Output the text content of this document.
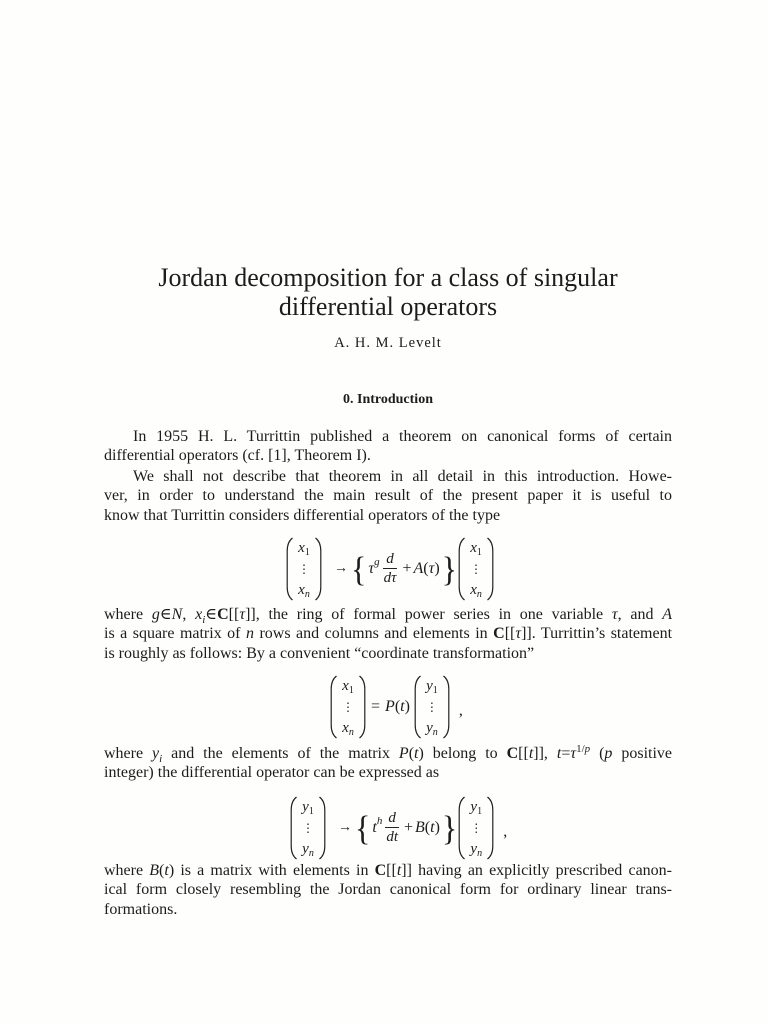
Jordan decomposition for a class of singular
differential operators
A. H. M. Levelt
0. Introduction
In 1955 H. L. Turrittin published a theorem on canonical forms of certain
differential operators (cf. [1], Theorem I).
We shall not describe that theorem in all detail in this introduction. Howe-
ver, in order to understand the main result of the present paper it is useful to
know that Turrittin considers differential operators of the type
$x_1$
⋮
$x_n$
→ { $\tau^g \frac{d}{d\tau} + A$ ( τ ) }
$x_1$
⋮
$x_n$
where g∈N, $x_i\in C[[\tau]]$, the ring of formal power series in one variable τ, and A
is a square matrix of n rows and columns and elements in C[[τ]]. Turrittin’s statement
is roughly as follows: By a convenient “coordinate transformation”
$x_1$
⋮
$x_n$
= P ( t )
$y_1$
⋮
$y_n$
,
where $y_i$ and the elements of the matrix P(t) belong to C[[t]], $t=\tau^{1/p}$ (p positive
integer) the differential operator can be expressed as
$y_1$
⋮
$y_n$
→ { $t^h \frac{d}{dt} + B$ ( t ) }
$y_1$
⋮
$y_n$
,
where B(t) is a matrix with elements in C[[t]] having an explicitly prescribed canon-
ical form closely resembling the Jordan canonical form for ordinary linear trans-
formations.
